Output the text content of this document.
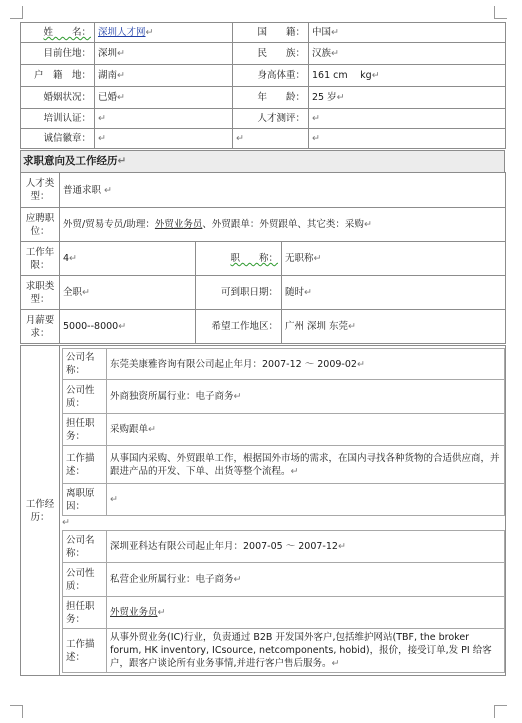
姓　　名：	深圳人才网↵	国　　籍：	中国↵
目前住地：	深圳↵	民　　族：	汉族↵
户　籍　地：	湖南↵	身高体重：	161 cm　 kg↵
婚姻状况：	已婚↵	年　　龄：	25 岁↵
培训认证：	↵	人才测评：	↵
诚信徽章：	↵	↵	↵
求职意向及工作经历↵
人才类型：	普通求职 ↵		
应聘职位：	外贸/贸易专员/助理：外贸业务员、外贸跟单：外贸跟单、其它类：采购↵		
工作年限：	4↵	职　　称：	无职称↵
求职类型：	全职↵	可到职日期：	随时↵
月薪要求：	5000--8000↵	希望工作地区：	广州 深圳 东莞↵
工作经历：	
公司名称：	东莞美康雅咨询有限公司起止年月：2007-12 ～ 2009-02↵
公司性质：	外商独资所属行业：电子商务↵
担任职务：	采购跟单↵
工作描述：	从事国内采购、外贸跟单工作，根据国外市场的需求，在国内寻找各种货物的合适供应商，并跟进产品的开发、下单、出货等整个流程。↵
离职原因：	↵
↵
公司名称：	深圳亚科达有限公司起止年月：2007-05 ～ 2007-12↵
公司性质：	私营企业所属行业：电子商务↵
担任职务：	外贸业务员↵
工作描述：	从事外贸业务(IC)行业，负责通过 B2B 开发国外客户,包括维护网站(TBF, the broker forum, HK inventory, ICsource, netcomponents, hobid)，报价，接受订单,发 PI 给客户，跟客户谈论所有业务事情,并进行客户售后服务。↵
